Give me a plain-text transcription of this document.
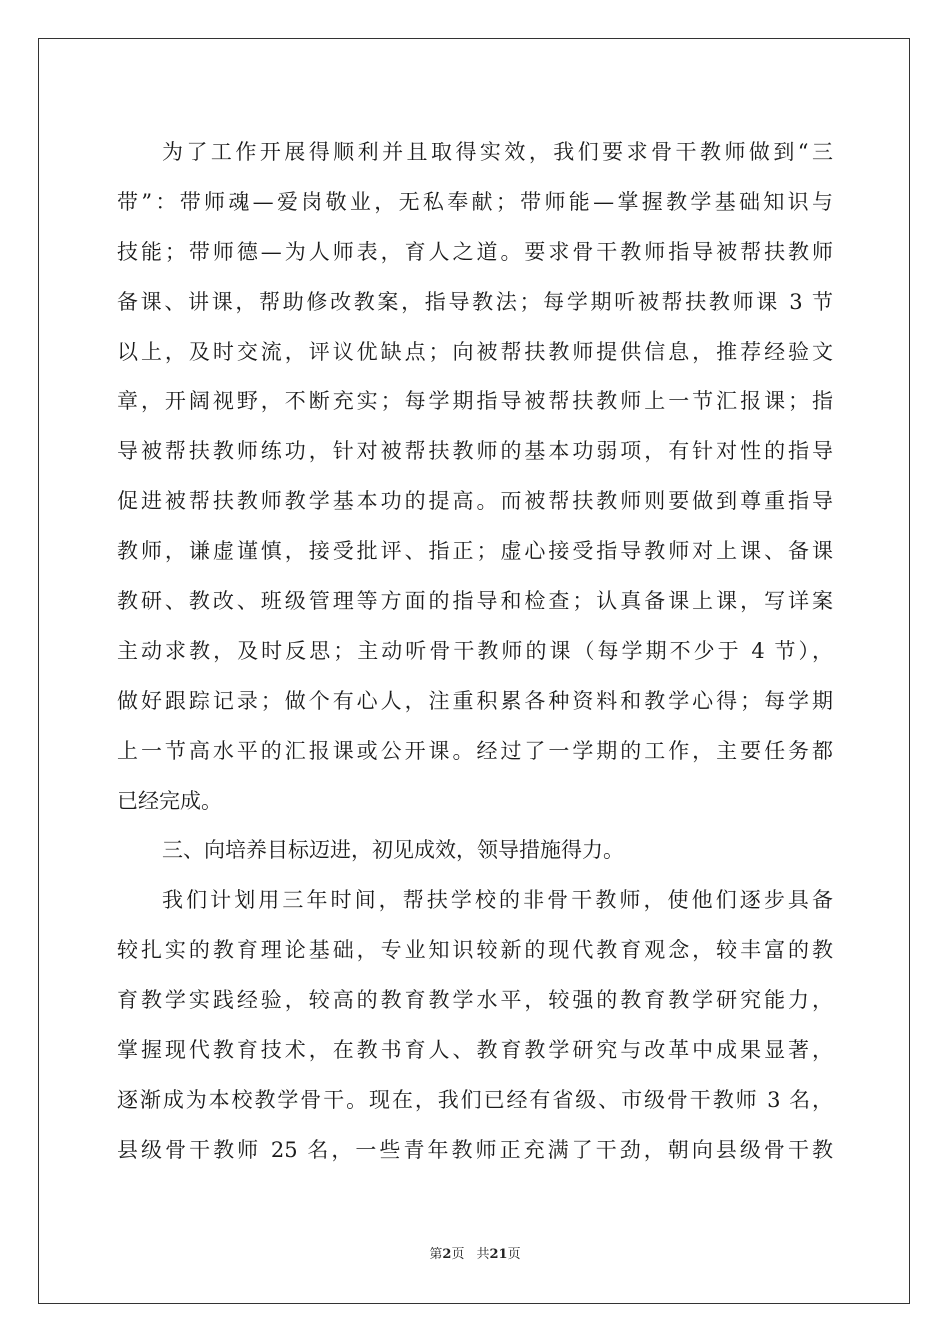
为了工作开展得顺利并且取得实效，我们要求骨干教师做到“三
带”：带师魂—爱岗敬业，无私奉献；带师能—掌握教学基础知识与
技能；带师德—为人师表，育人之道。要求骨干教师指导被帮扶教师
备课、讲课，帮助修改教案，指导教法；每学期听被帮扶教师课 3 节
以上，及时交流，评议优缺点；向被帮扶教师提供信息，推荐经验文
章，开阔视野，不断充实；每学期指导被帮扶教师上一节汇报课；指
导被帮扶教师练功，针对被帮扶教师的基本功弱项，有针对性的指导
促进被帮扶教师教学基本功的提高。而被帮扶教师则要做到尊重指导
教师，谦虚谨慎，接受批评、指正；虚心接受指导教师对上课、备课
教研、教改、班级管理等方面的指导和检查；认真备课上课，写详案
主动求教，及时反思；主动听骨干教师的课（每学期不少于 4 节），
做好跟踪记录；做个有心人，注重积累各种资料和教学心得；每学期
上一节高水平的汇报课或公开课。经过了一学期的工作，主要任务都
已经完成。
三、向培养目标迈进，初见成效，领导措施得力。
我们计划用三年时间，帮扶学校的非骨干教师，使他们逐步具备
较扎实的教育理论基础，专业知识较新的现代教育观念，较丰富的教
育教学实践经验，较高的教育教学水平，较强的教育教学研究能力，
掌握现代教育技术，在教书育人、教育教学研究与改革中成果显著，
逐渐成为本校教学骨干。现在，我们已经有省级、市级骨干教师 3 名，
县级骨干教师 25 名，一些青年教师正充满了干劲，朝向县级骨干教
第2页 共21页
